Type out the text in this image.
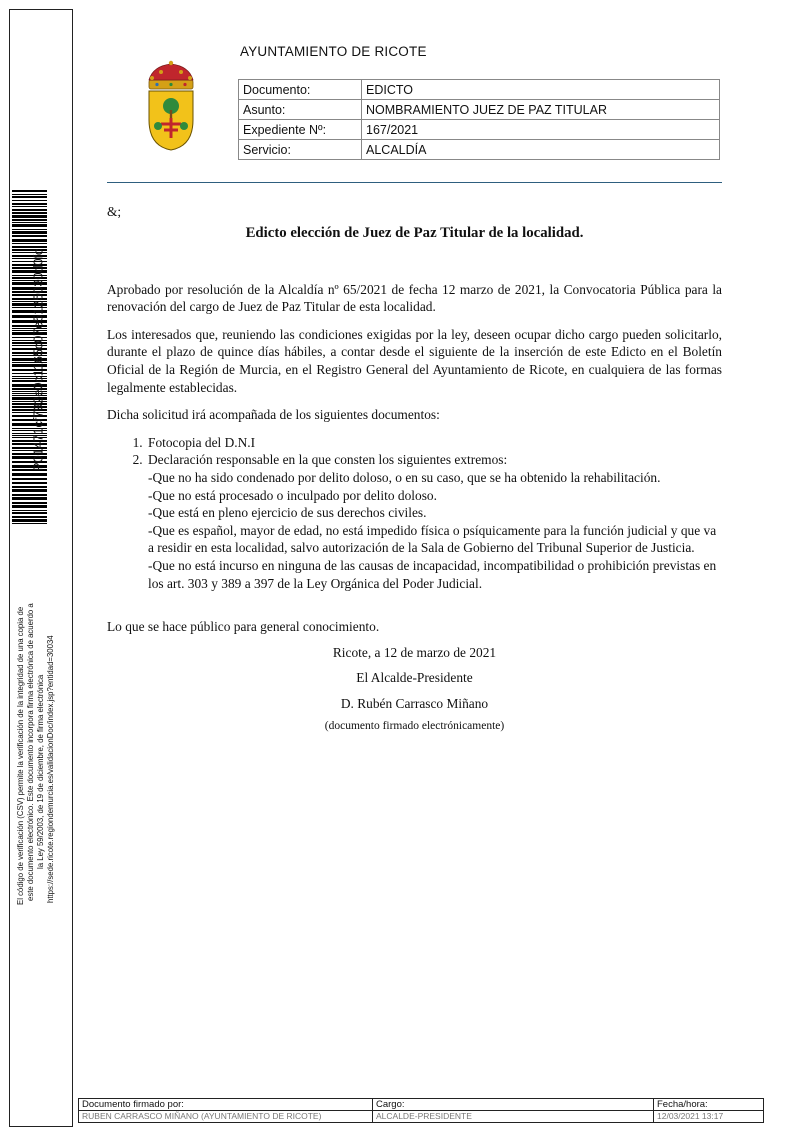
P01471cf792e0c1165c07e5125030d0fc

El código de verificación (CSV) permite la verificación de la integridad de una copia de este documento electrónico. Este documento incorpora firma electrónica de acuerdo a la Ley 59/2003, de 19 de diciembre, de firma electrónica https://sede.ricote.regiondemurcia.es/validacionDoc/index.jsp?entidad=30034

AYUNTAMIENTO DE RICOTE
Documento:	EDICTO
Asunto:	NOMBRAMIENTO JUEZ DE PAZ TITULAR
Expediente Nº:	167/2021
Servicio:	ALCALDÍA

&;

Edicto elección de Juez de Paz Titular de la localidad.

Aprobado por resolución de la Alcaldía nº 65/2021 de fecha 12 marzo de 2021, la Convocatoria Pública para la renovación del cargo de Juez de Paz Titular de esta localidad.

Los interesados que, reuniendo las condiciones exigidas por la ley, deseen ocupar dicho cargo pueden solicitarlo, durante el plazo de quince días hábiles, a contar desde el siguiente de la inserción de este Edicto en el Boletín Oficial de la Región de Murcia, en el Registro General del Ayuntamiento de Ricote, en cualquiera de las formas legalmente establecidas.

Dicha solicitud irá acompañada de los siguientes documentos:

1. Fotocopia del D.N.I
2. Declaración responsable en la que consten los siguientes extremos:

-Que no ha sido condenado por delito doloso, o en su caso, que se ha obtenido la rehabilitación.

-Que no está procesado o inculpado por delito doloso.

-Que está en pleno ejercicio de sus derechos civiles.

-Que es español, mayor de edad, no está impedido física o psíquicamente para la función judicial y que va a residir en esta localidad, salvo autorización de la Sala de Gobierno del Tribunal Superior de Justicia.

-Que no está incurso en ninguna de las causas de incapacidad, incompatibilidad o prohibición previstas en los art. 303 y 389 a 397 de la Ley Orgánica del Poder Judicial.

Lo que se hace público para general conocimiento.

Ricote, a 12 de marzo de 2021

El Alcalde-Presidente

D. Rubén Carrasco Miñano

(documento firmado electrónicamente)

Documento firmado por:	Cargo:	Fecha/hora:
RUBEN CARRASCO MIÑANO (AYUNTAMIENTO DE RICOTE)	ALCALDE-PRESIDENTE	12/03/2021 13:17
